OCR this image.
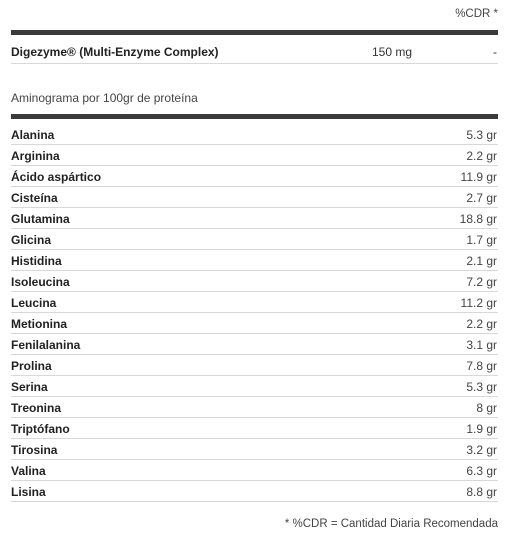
%CDR *
Digezyme® (Multi-Enzyme Complex)	150 mg	-
Aminograma por 100gr de proteína
Alanina	5.3 gr
Arginina	2.2 gr
Ácido aspártico	11.9 gr
Cisteína	2.7 gr
Glutamina	18.8 gr
Glicina	1.7 gr
Histidina	2.1 gr
Isoleucina	7.2 gr
Leucina	11.2 gr
Metionina	2.2 gr
Fenilalanina	3.1 gr
Prolina	7.8 gr
Serina	5.3 gr
Treonina	8 gr
Triptófano	1.9 gr
Tirosina	3.2 gr
Valina	6.3 gr
Lisina	8.8 gr
* %CDR = Cantidad Diaria Recomendada
